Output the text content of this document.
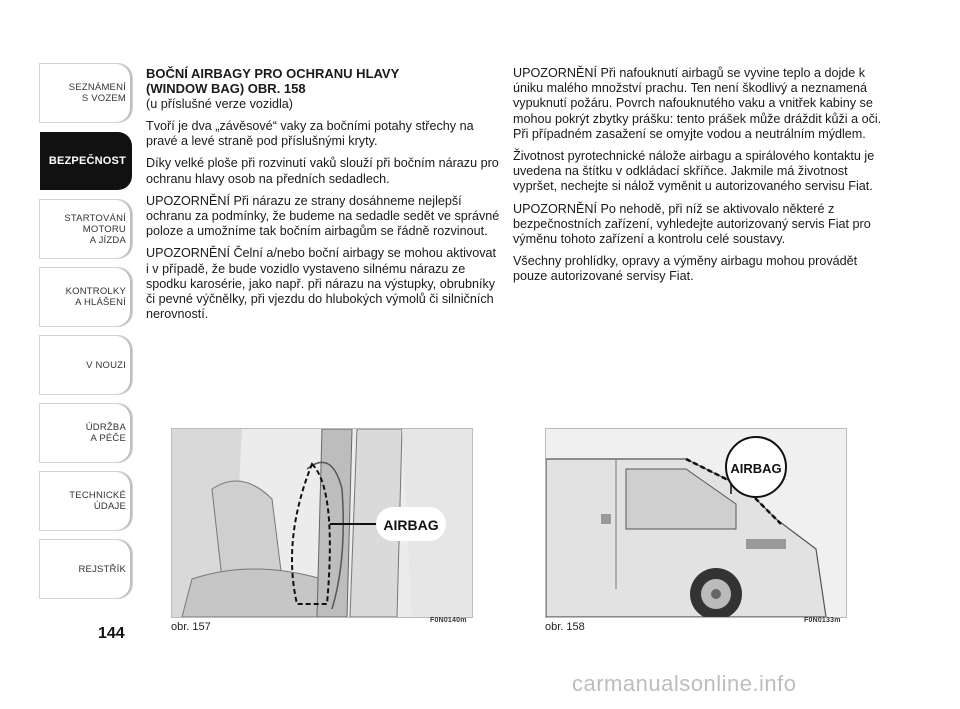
SEZNÁMENÍ
S VOZEM
BEZPEČNOST
STARTOVÁNÍ
MOTORU
A JÍZDA
KONTROLKY
A HLÁŠENÍ
V NOUZI
ÚDRŽBA
A PÉČE
TECHNICKÉ
ÚDAJE
REJSTŘÍK
144
BOČNÍ AIRBAGY PRO OCHRANU HLAVY
(WINDOW BAG) OBR. 158

(u příslušné verze vozidla)

Tvoří je dva „závěsové“ vaky za bočními potahy střechy na pravé a levé straně pod příslušnými kryty.

Díky velké ploše při rozvinutí vaků slouží při bočním nárazu pro ochranu hlavy osob na předních sedadlech.

UPOZORNĚNÍ Při nárazu ze strany dosáhneme nejlepší ochranu za podmínky, že budeme na sedadle sedět ve správné poloze a umožníme tak bočním airbagům se řádně rozvinout.

UPOZORNĚNÍ Čelní a/nebo boční airbagy se mohou aktivovat i v případě, že bude vozidlo vystaveno silnému nárazu ze spodku karosérie, jako např. při nárazu na výstupky, obrubníky či pevné výčnělky, při vjezdu do hlubokých výmolů či silničních nerovností.

UPOZORNĚNÍ Při nafouknutí airbagů se vyvine teplo a dojde k úniku malého množství prachu. Ten není škodlivý a neznamená vypuknutí požáru. Povrch nafouknutého vaku a vnitřek kabiny se mohou pokrýt zbytky prášku: tento prášek může dráždit kůži a oči. Při případném zasažení se omyjte vodou a neutrálním mýdlem.

Životnost pyrotechnické nálože airbagu a spirálového kontaktu je uvedena na štítku v odkládací skříňce. Jakmile má životnost vypršet, nechejte si nálož vyměnit u autorizovaného servisu Fiat.

UPOZORNĚNÍ Po nehodě, při níž se aktivovalo některé z bezpečnostních zařízení, vyhledejte autorizovaný servis Fiat pro výměnu tohoto zařízení a kontrolu celé soustavy.

Všechny prohlídky, opravy a výměny airbagu mohou provádět pouze autorizované servisy Fiat.

AIRBAG
obr. 157
F0N0140m
AIRBAG
obr. 158
F0N0133m
carmanualsonline.info
